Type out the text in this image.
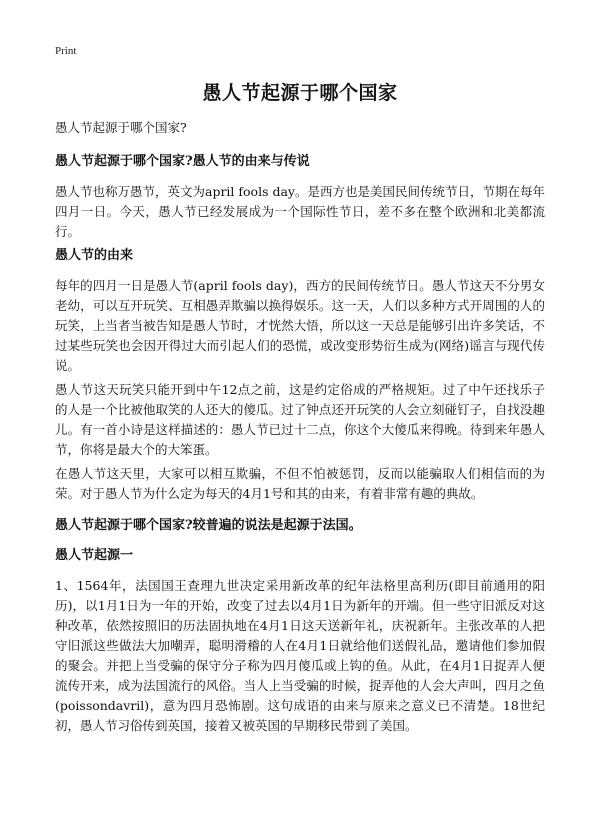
Print
愚人节起源于哪个国家
愚人节起源于哪个国家?
愚人节起源于哪个国家?愚人节的由来与传说
愚人节也称万愚节，英文为april fools day。是西方也是美国民间传统节日，节期在每年四月一日。今天，愚人节已经发展成为一个国际性节日，差不多在整个欧洲和北美都流行。
愚人节的由来
每年的四月一日是愚人节(april fools day)，西方的民间传统节日。愚人节这天不分男女老幼，可以互开玩笑、互相愚弄欺骗以换得娱乐。这一天，人们以多种方式开周围的人的玩笑，上当者当被告知是愚人节时，才恍然大悟，所以这一天总是能够引出许多笑话，不过某些玩笑也会因开得过大而引起人们的恐慌，或改变形势衍生成为(网络)谣言与现代传说。
愚人节这天玩笑只能开到中午12点之前，这是约定俗成的严格规矩。过了中午还找乐子的人是一个比被他取笑的人还大的傻瓜。过了钟点还开玩笑的人会立刻碰钉子，自找没趣儿。有一首小诗是这样描述的：愚人节已过十二点，你这个大傻瓜来得晚。待到来年愚人节，你将是最大个的大笨蛋。
在愚人节这天里，大家可以相互欺骗，不但不怕被惩罚，反而以能骗取人们相信而的为荣。对于愚人节为什么定为每天的4月1号和其的由来，有着非常有趣的典故。
愚人节起源于哪个国家?较普遍的说法是起源于法国。
愚人节起源一
1、1564年，法国国王查理九世决定采用新改革的纪年法格里高利历(即目前通用的阳历)，以1月1日为一年的开始，改变了过去以4月1日为新年的开端。但一些守旧派反对这种改革，依然按照旧的历法固执地在4月1日这天送新年礼，庆祝新年。主张改革的人把守旧派这些做法大加嘲弄，聪明滑稽的人在4月1日就给他们送假礼品，邀请他们参加假的聚会。并把上当受骗的保守分子称为四月傻瓜或上钩的鱼。从此，在4月1日捉弄人便流传开来，成为法国流行的风俗。当人上当受骗的时候，捉弄他的人会大声叫，四月之鱼(poissondavril)，意为四月恐怖剧。这句成语的由来与原来之意义已不清楚。18世纪初，愚人节习俗传到英国，接着又被英国的早期移民带到了美国。
